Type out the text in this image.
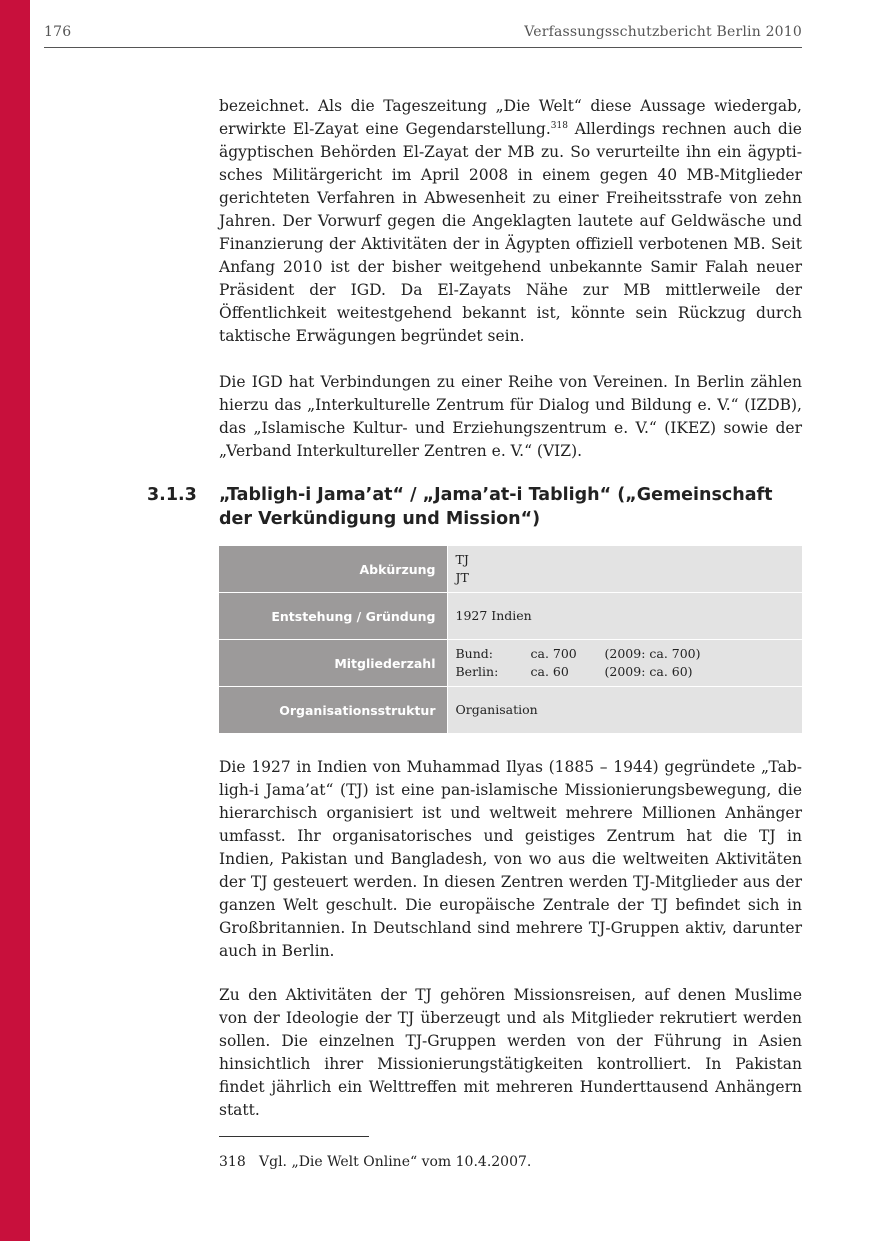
176	Verfassungsschutzbericht Berlin 2010

bezeichnet. Als die Tageszeitung „Die Welt“ diese Aussage wiedergab, erwirkte El-Zayat eine Gegendarstellung.$^{318}$ Allerdings rechnen auch die ägyptischen Behörden El-Zayat der MB zu. So verurteilte ihn ein ägyptisches Militärgericht im April 2008 in einem gegen 40 MB-Mitglieder gerichteten Verfahren in Abwesenheit zu einer Freiheitsstrafe von zehn Jahren. Der Vorwurf gegen die Angeklagten lautete auf Geldwäsche und Finanzierung der Aktivitäten der in Ägypten offiziell verbotenen MB. Seit Anfang 2010 ist der bisher weitgehend unbekannte Samir Falah neuer Präsident der IGD. Da El-Zayats Nähe zur MB mittlerweile der Öffentlichkeit weitestgehend bekannt ist, könnte sein Rückzug durch taktische Erwägungen begründet sein.

Die IGD hat Verbindungen zu einer Reihe von Vereinen. In Berlin zählen hierzu das „Interkulturelle Zentrum für Dialog und Bildung e. V.“ (IZDB), das „Islamische Kultur- und Erziehungszentrum e. V.“ (IKEZ) sowie der „Verband Interkultureller Zentren e. V.“ (VIZ).

3.1.3	„Tabligh-i Jama’at“ / „Jama’at-i Tabligh“ („Gemeinschaft der Verkündigung und Mission“)
Abkürzung	TJ
JT

Entstehung / Gründung	1927 Indien
Mitgliederzahl	Bund: ca. 700 (2009: ca. 700)
Berlin: ca. 60 (2009: ca. 60)

Organisationsstruktur	Organisation

Die 1927 in Indien von Muhammad Ilyas (1885 – 1944) gegründete „Tabligh-i Jama’at“ (TJ) ist eine pan-islamische Missionierungsbewegung, die hierarchisch organisiert ist und weltweit mehrere Millionen Anhänger umfasst. Ihr organisatorisches und geistiges Zentrum hat die TJ in Indien, Pakistan und Bangladesh, von wo aus die weltweiten Aktivitäten der TJ gesteuert werden. In diesen Zentren werden TJ-Mitglieder aus der ganzen Welt geschult. Die europäische Zentrale der TJ befindet sich in Großbritannien. In Deutschland sind mehrere TJ-Gruppen aktiv, darunter auch in Berlin.

Zu den Aktivitäten der TJ gehören Missionsreisen, auf denen Muslime von der Ideologie der TJ überzeugt und als Mitglieder rekrutiert werden sollen. Die einzelnen TJ-Gruppen werden von der Führung in Asien hinsichtlich ihrer Missionierungstätigkeiten kontrolliert. In Pakistan findet jährlich ein Welttreffen mit mehreren Hunderttausend Anhängern statt.

318 Vgl. „Die Welt Online“ vom 10.4.2007.
